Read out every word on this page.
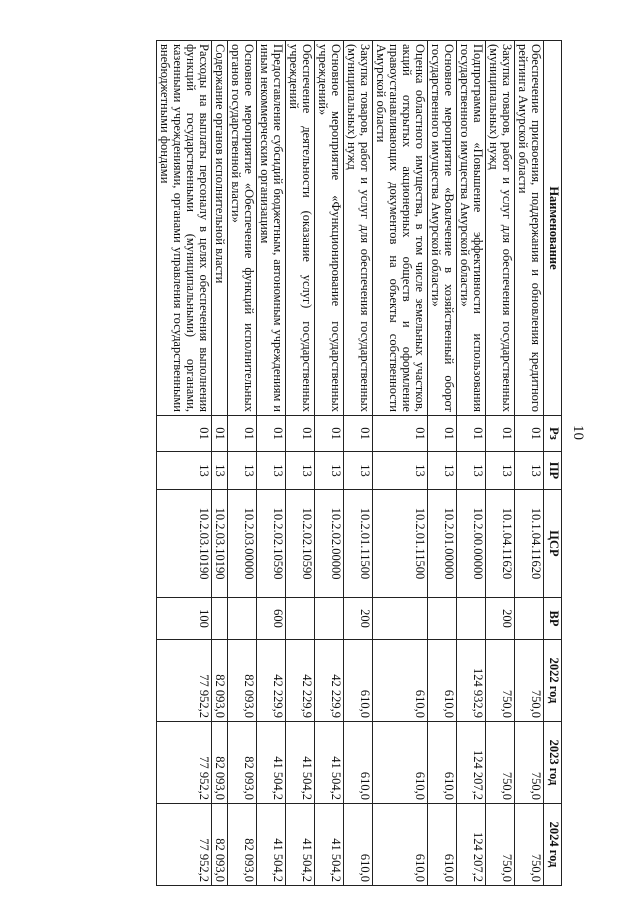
10
Наименование	Рз	ПР	ЦСР	ВР	2022 год	2023 год	2024 год
Обеспечение присвоения, поддержания и обновления кредитного рейтинга Амурской области	01	13	10.1.04.11620		750,0	750,0	750,0
Закупка товаров, работ и услуг для обеспечения государственных (муниципальных) нужд	01	13	10.1.04.11620	200	750,0	750,0	750,0
Подпрограмма «Повышение эффективности использования государственного имущества Амурской области»	01	13	10.2.00.00000		124 932,9	124 207,2	124 207,2
Основное мероприятие «Вовлечение в хозяйственный оборот государственного имущества Амурской области»	01	13	10.2.01.00000		610,0	610,0	610,0
Оценка областного имущества, в том числе земельных участков, акций открытых акционерных обществ и оформление правоустанавливающих документов на объекты собственности Амурской области	01	13	10.2.01.11500		610,0	610,0	610,0
Закупка товаров, работ и услуг для обеспечения государственных (муниципальных) нужд	01	13	10.2.01.11500	200	610,0	610,0	610,0
Основное мероприятие «Функционирование государственных учреждений»	01	13	10.2.02.00000		42 229,9	41 504,2	41 504,2
Обеспечение деятельности (оказание услуг) государственных учреждений	01	13	10.2.02.10590		42 229,9	41 504,2	41 504,2
Предоставление субсидий бюджетным, автономным учреждениям и иным некоммерческим организациям	01	13	10.2.02.10590	600	42 229,9	41 504,2	41 504,2
Основное мероприятие «Обеспечение функций исполнительных органов государственной власти»	01	13	10.2.03.00000		82 093,0	82 093,0	82 093,0
Содержание органов исполнительной власти	01	13	10.2.03.10190		82 093,0	82 093,0	82 093,0
Расходы на выплаты персоналу в целях обеспечения выполнения функций государственными (муниципальными) органами, казенными учреждениями, органами управления государственными внебюджетными фондами	01	13	10.2.03.10190	100	77 952,2	77 952,2	77 952,2
